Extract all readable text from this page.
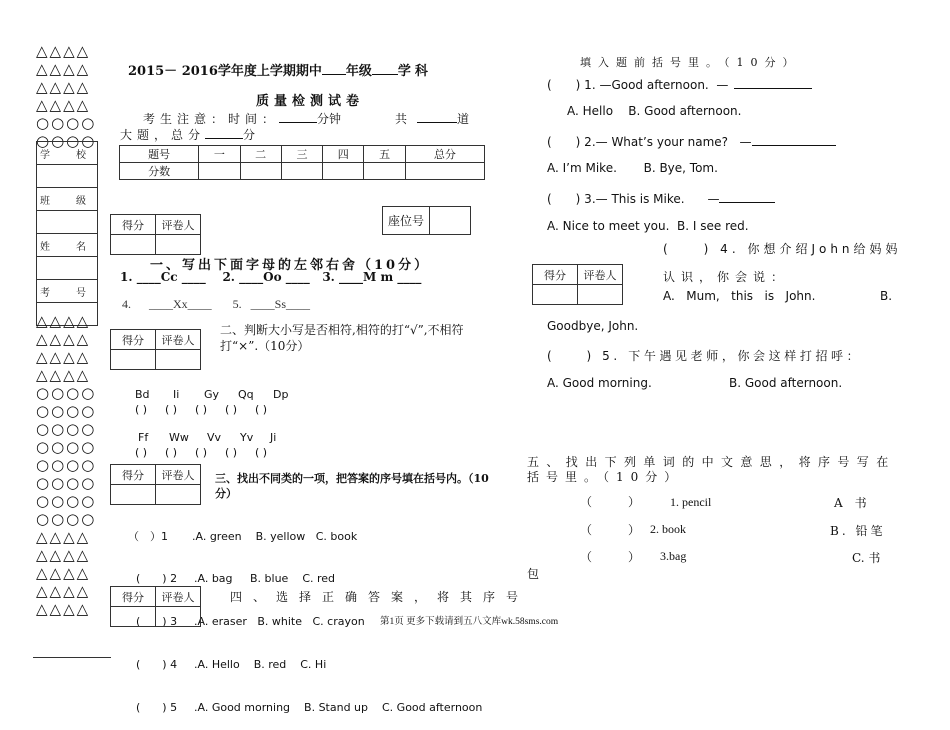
△△△△
△△△△
△△△△
△△△△
○○○○
○○○○
学　校

班　级

姓　名

考　号

△△△△
△△△△
△△△△
△△△△
○○○○
○○○○
○○○○
○○○○
○○○○
○○○○
○○○○
○○○○
△△△△
△△△△
△△△△
△△△△
△△△△
2015－ 2016学年度上学期期中 年级 学科
质量检测试卷
考生注意：时间：	分钟	共	道
大题，总分	分
题号	一	二	三	四	五	总分
分数						
得分	评卷人
		座位号	
一、写出下面字母的左邻右舍（10分）
1. ____Cc ____    2. ____Oo ____   3. ____M m ____
4.      ____Xx____       5.   ____Ss____
得分	评卷人

二、判断大小写是否相符,相符的打“√”,不相符打“×”.（10分）
Bd Ii Gy Qq Dp
( ) ( ) ( ) ( ) ( )
Ff Ww Vv Yv Ji
( ) ( ) ( ) ( ) ( )
得分	评卷人
	三、找出不同类的一项，把答案的序号填在括号内。（10分）

（　）1 .A. green    B. yellow   C. book

(　　) 2 .A. bag     B. blue    C. red

(　　) 3 .A. eraser   B. white   C. crayon

(　　) 4 .A. Hello    B. red    C. Hi

(　　) 5 .A. Good morning    B. Stand up    C. Good afternoon

得分	评卷人
		四、选择正确答案，将其序号
填入题前括号里。（10分）
(　　) 1. —Good afternoon.  —
A. Hello    B. Good afternoon.
(　　) 2.— What’s your name?   —
A. I’m Mike.       B. Bye, Tom.
(　　) 3.— This is Mike.      —
A. Nice to meet you.  B. I see red.
得分	评卷人

(　　) 4. 你想介绍John给妈妈
认识，你会说：
A.   Mum,   this   is   John.	B.
Goodbye, John.
(　　) 5. 下午遇见老师，你会这样打招呼：
A. Good morning.	B. Good afternoon.
五、找出下列单词的中文意思，将序号写在
括号里。（10分）
（　　　） 1. pencil	A　书
（　　　） 2. book	B. 铅笔
（　　　） 3.bag	C. 书
包
第1页 更多下载请到五八文库wk.58sms.com
